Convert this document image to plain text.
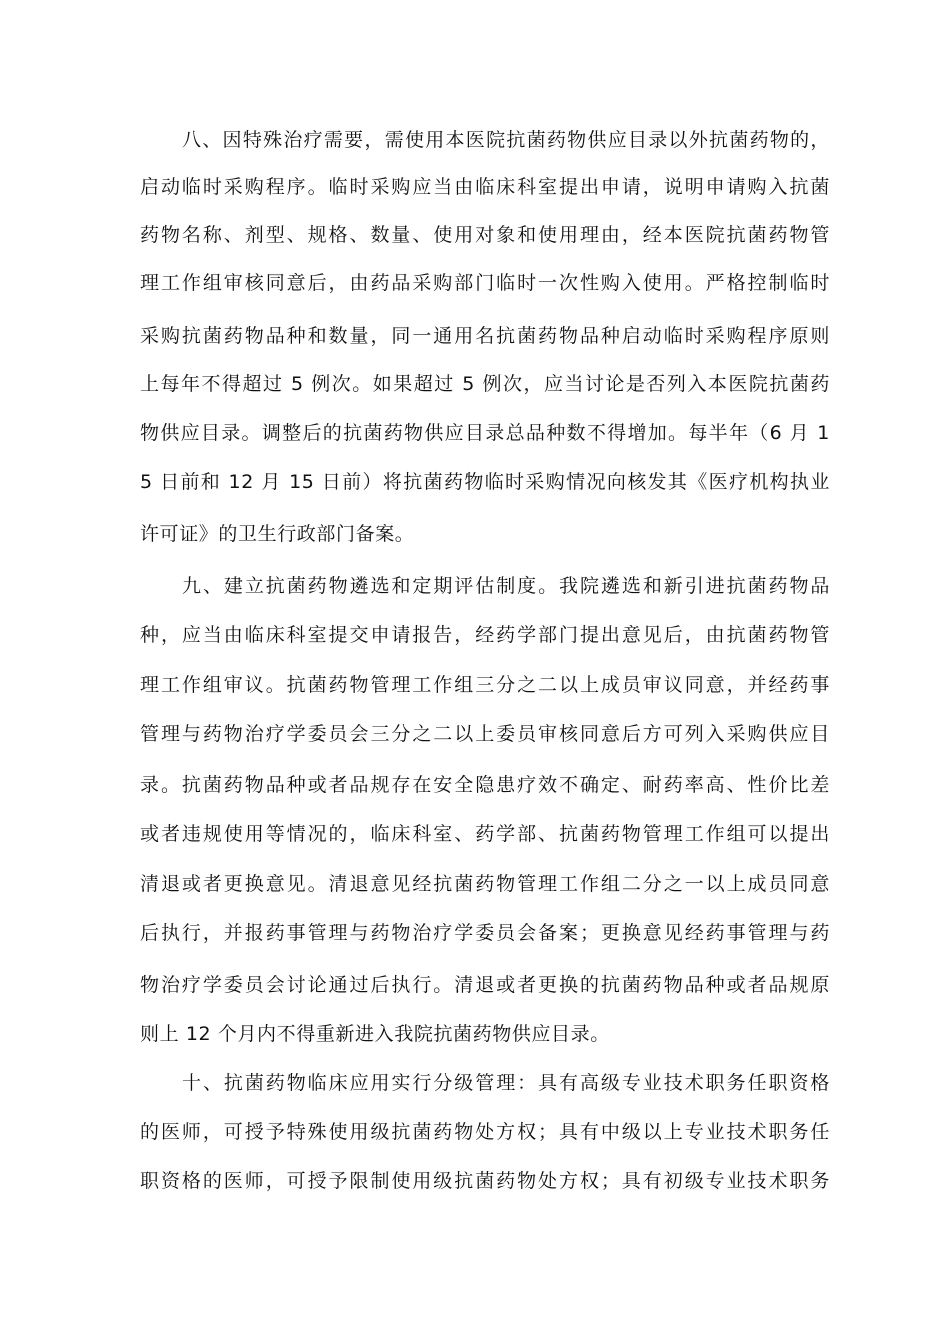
八、因特殊治疗需要，需使用本医院抗菌药物供应目录以外抗菌药物的，
启动临时采购程序。临时采购应当由临床科室提出申请，说明申请购入抗菌
药物名称、剂型、规格、数量、使用对象和使用理由，经本医院抗菌药物管
理工作组审核同意后，由药品采购部门临时一次性购入使用。严格控制临时
采购抗菌药物品种和数量，同一通用名抗菌药物品种启动临时采购程序原则
上每年不得超过 5 例次。如果超过 5 例次，应当讨论是否列入本医院抗菌药
物供应目录。调整后的抗菌药物供应目录总品种数不得增加。每半年（6 月 1
5 日前和 12 月 15 日前）将抗菌药物临时采购情况向核发其《医疗机构执业
许可证》的卫生行政部门备案。
九、建立抗菌药物遴选和定期评估制度。我院遴选和新引进抗菌药物品
种，应当由临床科室提交申请报告，经药学部门提出意见后，由抗菌药物管
理工作组审议。抗菌药物管理工作组三分之二以上成员审议同意，并经药事
管理与药物治疗学委员会三分之二以上委员审核同意后方可列入采购供应目
录。抗菌药物品种或者品规存在安全隐患疗效不确定、耐药率高、性价比差
或者违规使用等情况的，临床科室、药学部、抗菌药物管理工作组可以提出
清退或者更换意见。清退意见经抗菌药物管理工作组二分之一以上成员同意
后执行，并报药事管理与药物治疗学委员会备案；更换意见经药事管理与药
物治疗学委员会讨论通过后执行。清退或者更换的抗菌药物品种或者品规原
则上 12 个月内不得重新进入我院抗菌药物供应目录。
十、抗菌药物临床应用实行分级管理：具有高级专业技术职务任职资格
的医师，可授予特殊使用级抗菌药物处方权；具有中级以上专业技术职务任
职资格的医师，可授予限制使用级抗菌药物处方权；具有初级专业技术职务
